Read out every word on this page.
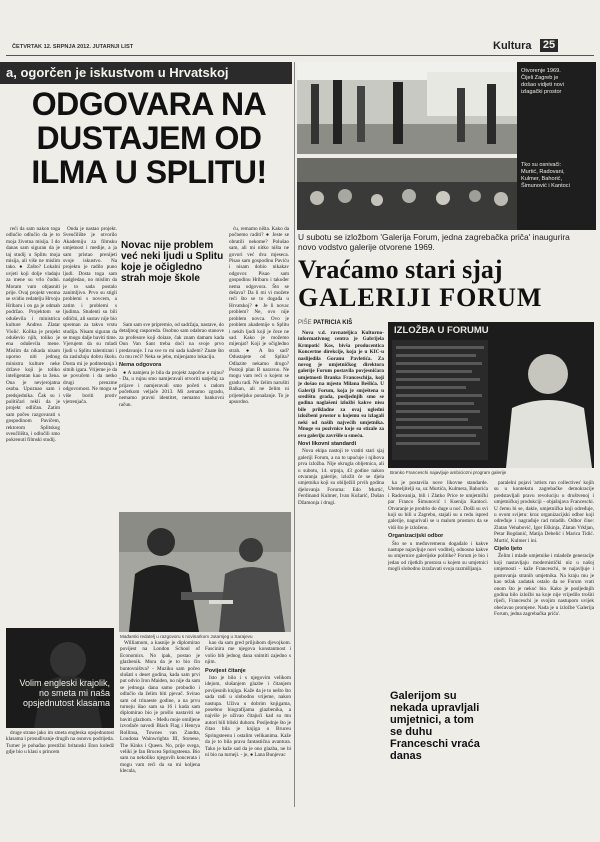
ČETVRTAK 12. SRPNJA 2012. JUTARNJI LIST	Kultura 25
a, ogorčen je iskustvom u Hrvatskoj
ODGOVARA NA
DUSTAJEM OD
ILMA U SPLITU!

reći da sam nakon toga odlučio odlučio da je to moja životna misija. I do danas sam siguran da je taj studij u Splitu moja misija, ali više ne mislim tako. ● Zašto? Lokalni uvjeti koji dolje vladaju za mene su vrlo čudni. Moram vam objasniti prije. Ovaj projekt veoma se svidio redatelju Hrvoju Hribaru i on ga je odmah podržao. Projektom se oduševila i ministrica kulture Andrea Zlatar Violić. Kolika je projekt oduševio njih, toliko je ena oduševila mene. Mislim da nikada nisam uporno niti jednog ministra kulture neke države koji je toliko inteligentan kao ta žena. Ona je nevjerojatna osoba. Upoznao sam i predsjednika. Čak su i političari rekli da je projekt odličan. Zatim sam počeo razgovarati s gospodinom Pavičem, rektorom Splitskog sveučilišta, i odlučili smo pokrenuti filmski studij.

Onda je nastao projekt. Sveučilište je otvorilo Akademiju za filmsku umjetnost i medije, a ja sam pristao prenijeti svoje iskustvo. Na projektu je radilo puno ljudi. Dosta toga sam nadgledao, no mislim da je to sada postalo zanimljivo. Prvo su stigli problemi s novcem, a zatim i problemi s ljudima. Studenti su bili odlični, ali sustav nije bio spreman za takvu vrstu studija. Nisam siguran da se mogu dalje baviti time. Vjerujem da su mladi ljudi u Splitu talentirani i da zaslužuju dobru školu. Dosta mi je podmetanja i sitnih igara. Vrijeme je da se povučem i da netko drugi preuzme odgovornost. Ne mogu se više boriti protiv vjetrenjača.

Novac nije problem već neki ljudi u Splitu koje je očigledno strah moje škole

Sam sam sve pripremio, od sadržaja, nastave, do detaljnog rasporeda. Osobno sam odabrao stanove za profesore koji dolaze, čak znam damam kada Oun Van Sant treba doći na svoje prvo predavanje. I na sve to mi sada kažem? Znate što ću mu reći? Neka se jebu, mijenjamo lokaciju.

Nema odgovora

● A namjera je bila da projekt započne u rujnu? - Da, u rujnu smo namjeravali otvoriti natječaj za prijave i namjeravali smo početi s radom početkom veljače 2013. Mi zemamo zgradu, nemamo pravni identitet, nemamo bankovni račun.

ću, remamo ništa. Kako da počnemo raditi? ● Jeste se obratili nekome? Polušao sam, ali mi nitko ništa ne govori već dva mjeseca. Pisao sam gospodinu Paviću i nisam dobio nikakav odgovor. Pisao sam gospodinu Hribaru i također nema odgovora. Što se dešava? Da li mi vi možete reći što se to događa u Hrvatskoj? ● Je li novac problem? Ne, ovo nije problem novca. Ovo je problem akademije u Splitu i nekih ljudi koji je čeze ne sad. Kako je možemo mijenjat? Koji je očigledno strah. ● A što sad? Odustajete od Splita? Odlazite nekamo drugo? Postoji plan B naravno. Ne mogu vam reći o kojem se gradu radi. Ne želim narušiti Balkan, ali ne želim ni prijeteljsko ponašanje. To je apsurdno.

Mađarski redatelj u razgovoru s novinarkom Jutarnjeg u Sarajevu
Volim engleski krajolik, no smeta mi naša opsjednutost klasama

druge strane jako im smeta engleska opsjednutost klasama i prosuđivanje drugih na osnovu podrijetla. Turner je pohađao prestižni britanski Eton koledž gdje bio u klasi s princem

Williamom, a kasnije je diplomirao povijest na London School of Economics. No ipak, postao je glazbenik. Mora da je to bio čin buntovništva? - Muziku sam počeo slušati s deset godina, kada sam prvi put odvio Iron Maiden, no nije da sam se jednoga dana samo probudio i odlučio da želim biti pjevač. Svirao sam od trinaeste godine, a na prvu turneju išao sam sa 16 i kada sam diplomirao bio je prošlo nastaviti se baviti glazbom. - Među moje omiljene izvođače navodi Black Flag i Henrya Rollinsa, Townes van Zandta, Loudona Wainwrighta III, Stonese, The Kinks i Queen. No, prije svega, veliki je fan Brucea Springsteena. Bio sam na nekoliko njegovih koncerata i mogu vam reći da su mi koljena klecala,

kao da sam gred priljubom djevojkom. Fascinira me njegova konstantnost i volio bih jednog dana snimiti zajedno s njim.

Povijest čitanje

Isto je bilo i s njegovim velikom idejom, slušanjem glazbe i čitanjem povijesnih knjiga. Kaže da je to nešto što sada radi u slobodno vrijeme, nakon nastupa. Uživa u dobrim knjigama, posebno biografijama glazbenika, a najviše je uživao čitajući kad su mu autori bili bliski duhom. Posljednje što je čitao bila je knjiga o Bruceu Springsteenu i ostalim velikanima. Kaže da je to bila prava fantastična avantura. Tako je kaže sad da je ono glazba, ne bi ni bio na turneji. - je, ● Lana Bunjevac

Otvorenje 1969. Čijeli Zagreb je došao vidjeti novi izlagački prostor
Tko su osnivači: Murtić, Radovani, Kulmer, Bahorić, Šimunović i Kantoci
U subotu se izložbom 'Galerija Forum, jedna zagrebačka priča' inaugurira novo vodstvo galerije otvorene 1969.
Vraćamo stari sjaj
GALERIJI FORUM
PIŠE PATRICIA KIŠ

Nova v.d. ravnateljica Kulturno-informativnog centra je Gabrijela Krmpotić Kos, bivša producentica Koncertne direkcije, koja je u KIC-u naslijedila Goranu Pavletića. Za novog je umjetničkog direktora galerije Forum postavila povjesničara umjetnosti Branka Franceschija, koji je došao na mjesto Milana Bešlića. U Galeriji Forum, koja je smještena u središtu grada, posljednjih smo se godina naglašeni izložbi kakve nisu bile prikladne za ovaj ugledni izložbeni prostor u kojemu su izlagali neki od naših najvećih umjetnika. Mnoge su pozivnice koje su stizale za ovu galeriju završile u smeću.

Novi likovni standardi

Nova ekipa nastoji te vratiti stari sjaj galeriji Forum, a na to upućuje i njihova prva izložba. Nije okrugla obljetnica, ali u subotu, 14. srpnja, 43 godine nakon otvaranja galerije, izložit će se djela umjetnika koji su obilježili prvih godina djelovanja Foruma: Edo Murtić, Ferdinand Kulmer, Ivan Kožarić, Dušan Džamonja i drugi.

IZLOŽBA U FORUMU
Branko Franceschi najavljuje ambiciozni program galerije

ka je postavila nove likovne standarde. Utemeljitelji su, uz Murtića, Kulmera, Bahorića i Radovanija, bili i Zlatko Price te umjetnički par Franco Šimunović i Ksenija Kantoci. Otvaranje je prodrlo do duge u noć. Došli su svi koji su bili u Zagrebu, stajali su u redu ispred galerije, nagurivali se u malom prostoru da se vidi što je izloženo.

Organizacijski odbor

Što se u međuvremenu događalo i kakve nastupe najavljuje novi voditelj, odnosno kakve su smjernice galerijske politike? Forum je bio i jedan od rijetkih prostora u kojem su umjetnici mogli slobodno izražavati svoja razmišljanja.

Galerijom su nekada upravljali umjetnici, a tom se duhu Franceschi vraća danas

paralelni pojavi 'artists run collectives' kojih su u kontekstu zagrebačke demokracije predstavljali pravu revoluciju u društvenoj i umjetničkoj produkciji - objašnjava Franceschi. U čemu bi se, dakle, umjetnička koji određuje, u ovom svijetu: kroz organizacijski odbor koji određuje i nagrađuje rad mladih. Odbor čine: Zlatan Vehabović, Igor Eškinja, Zlatan Vrkljan, Petar Bogdanić, Matija Debelić i Marica Tidić. Murtić, Kulmer i ini.

Cijelo ljeto

Želim i mlađe umjetnike i mladeže generacije koji nastavljaju modernistički niz u našoj umjetnosti - kaže Franceschi, te najavljuje i gostovanja stranih umjetnika. Na kraju mu je kao težak zadatak ostalo da se Forum vrati onom što je nekoć bio. Kako je posljednjih godina bilo izložbi na koje nije vrijedilo trošiti riječi, Franceschi je svojim nastupom uvijek obećavao promjene. Nada je u izložbe 'Galerija Forum, jedna zagrebačka priča'.
